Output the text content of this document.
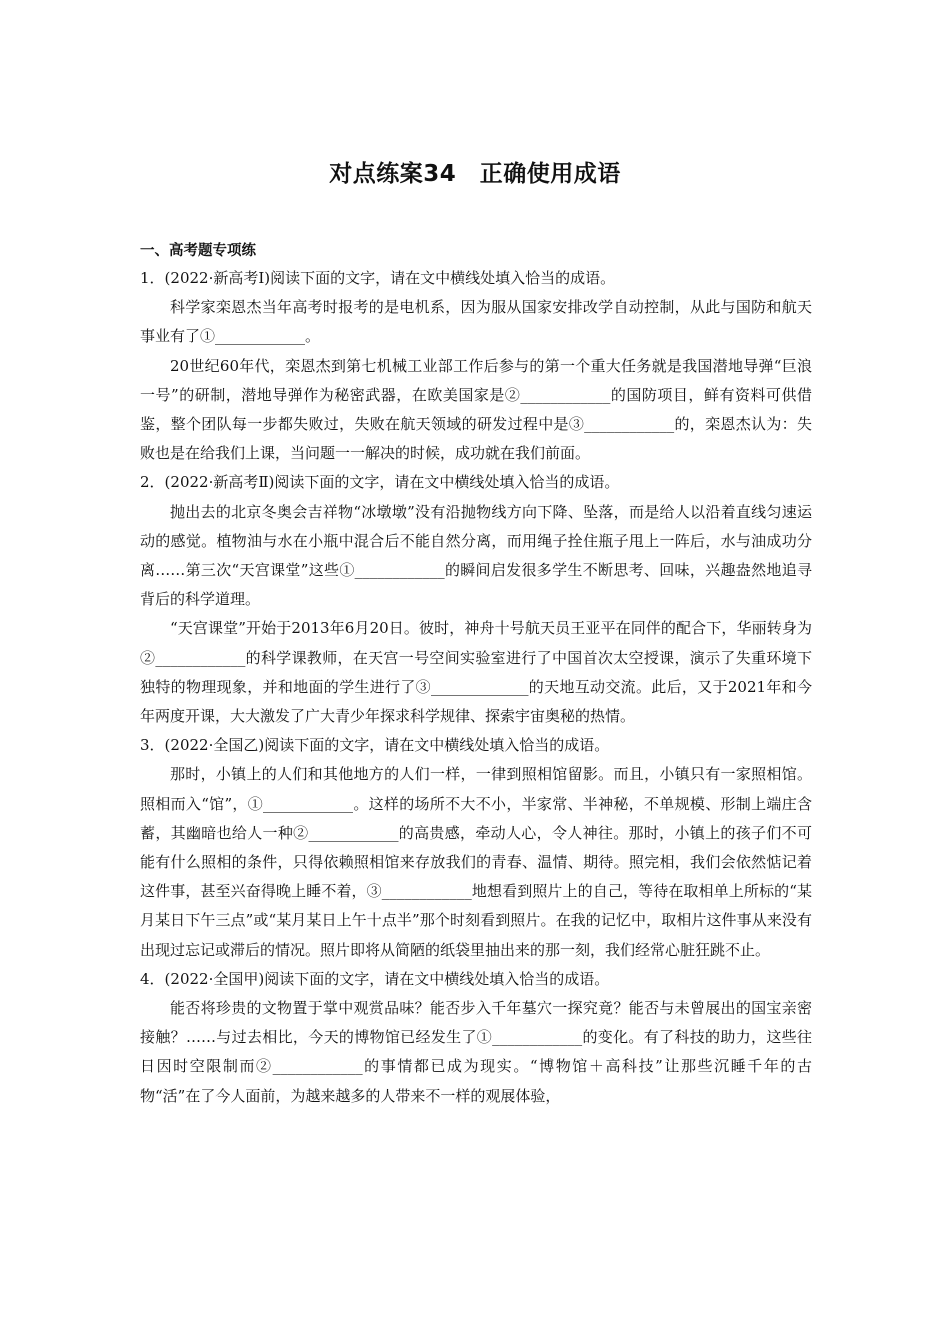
对点练案34　正确使用成语
一、高考题专项练

1．(2022·新高考Ⅰ)阅读下面的文字，请在文中横线处填入恰当的成语。

科学家栾恩杰当年高考时报考的是电机系，因为服从国家安排改学自动控制，从此与国防和航天事业有了①____________。

20世纪60年代，栾恩杰到第七机械工业部工作后参与的第一个重大任务就是我国潜地导弹“巨浪一号”的研制，潜地导弹作为秘密武器，在欧美国家是②____________的国防项目，鲜有资料可供借鉴，整个团队每一步都失败过，失败在航天领域的研发过程中是③____________的，栾恩杰认为：失败也是在给我们上课，当问题一一解决的时候，成功就在我们前面。

2．(2022·新高考Ⅱ)阅读下面的文字，请在文中横线处填入恰当的成语。

抛出去的北京冬奥会吉祥物“冰墩墩”没有沿抛物线方向下降、坠落，而是给人以沿着直线匀速运动的感觉。植物油与水在小瓶中混合后不能自然分离，而用绳子拴住瓶子甩上一阵后，水与油成功分离……第三次“天宫课堂”这些①____________的瞬间启发很多学生不断思考、回味，兴趣盎然地追寻背后的科学道理。

“天宫课堂”开始于2013年6月20日。彼时，神舟十号航天员王亚平在同伴的配合下，华丽转身为②____________的科学课教师，在天宫一号空间实验室进行了中国首次太空授课，演示了失重环境下独特的物理现象，并和地面的学生进行了③_____________的天地互动交流。此后，又于2021年和今年两度开课，大大激发了广大青少年探求科学规律、探索宇宙奥秘的热情。

3．(2022·全国乙)阅读下面的文字，请在文中横线处填入恰当的成语。

那时，小镇上的人们和其他地方的人们一样，一律到照相馆留影。而且，小镇只有一家照相馆。照相而入“馆”，①____________。这样的场所不大不小，半家常、半神秘，不单规模、形制上端庄含蓄，其幽暗也给人一种②____________的高贵感，牵动人心，令人神往。那时，小镇上的孩子们不可能有什么照相的条件，只得依赖照相馆来存放我们的青春、温情、期待。照完相，我们会依然惦记着这件事，甚至兴奋得晚上睡不着，③____________地想看到照片上的自己，等待在取相单上所标的“某月某日下午三点”或“某月某日上午十点半”那个时刻看到照片。在我的记忆中，取相片这件事从来没有出现过忘记或滞后的情况。照片即将从简陋的纸袋里抽出来的那一刻，我们经常心脏狂跳不止。

4．(2022·全国甲)阅读下面的文字，请在文中横线处填入恰当的成语。

能否将珍贵的文物置于掌中观赏品味？能否步入千年墓穴一探究竟？能否与未曾展出的国宝亲密接触？……与过去相比，今天的博物馆已经发生了①____________的变化。有了科技的助力，这些往日因时空限制而②____________的事情都已成为现实。“博物馆＋高科技”让那些沉睡千年的古物“活”在了今人面前，为越来越多的人带来不一样的观展体验，
